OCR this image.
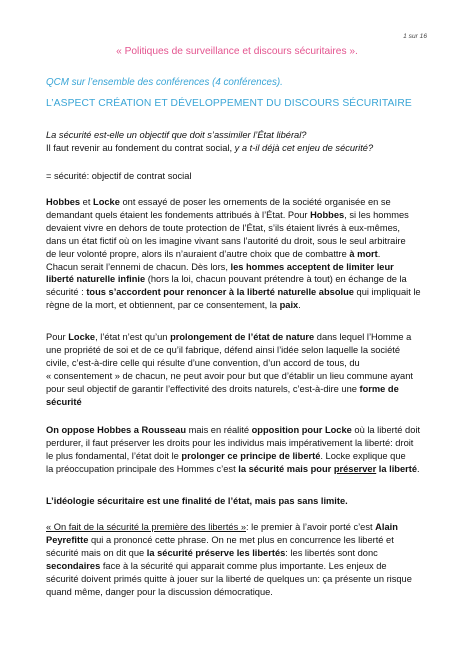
1 sur 16
« Politiques de surveillance et discours sécuritaires ».
QCM sur l’ensemble des conférences (4 conférences).
L’ASPECT CRÉATION ET DÉVELOPPEMENT DU DISCOURS SÉCURITAIRE

La sécurité est-elle un objectif que doit s’assimiler l’État libéral?

Il faut revenir au fondement du contrat social, y a t-il déjà cet enjeu de sécurité?

= sécurité: objectif de contrat social

Hobbes et Locke ont essayé de poser les ornements de la société organisée en se

demandant quels étaient les fondements attribués à l’État. Pour Hobbes, si les hommes

devaient vivre en dehors de toute protection de l’État, s’ils étaient livrés à eux-mêmes,

dans un état fictif où on les imagine vivant sans l’autorité du droit, sous le seul arbitraire

de leur volonté propre, alors ils n’auraient d’autre choix que de combattre à mort.

Chacun serait l’ennemi de chacun. Dès lors, les hommes acceptent de limiter leur

liberté naturelle infinie (hors la loi, chacun pouvant prétendre à tout) en échange de la

sécurité : tous s’accordent pour renoncer à la liberté naturelle absolue qui impliquait le

règne de la mort, et obtiennent, par ce consentement, la paix.

Pour Locke, l’état n’est qu’un prolongement de l’état de nature dans lequel l’Homme a

une propriété de soi et de ce qu’il fabrique, défend ainsi l’idée selon laquelle la société

civile, c’est-à-dire celle qui résulte d’une convention, d’un accord de tous, du

« consentement » de chacun, ne peut avoir pour but que d’établir un lieu commune ayant

pour seul objectif de garantir l’effectivité des droits naturels, c’est-à-dire une forme de

sécurité

On oppose Hobbes a Rousseau mais en réalité opposition pour Locke où la liberté doit

perdurer, il faut préserver les droits pour les individus mais impérativement la liberté: droit

le plus fondamental, l’état doit le prolonger ce principe de liberté. Locke explique que

la préoccupation principale des Hommes c’est la sécurité mais pour préserver la liberté.

L’idéologie sécuritaire est une finalité de l’état, mais pas sans limite.

« On fait de la sécurité la première des libertés »: le premier à l’avoir porté c’est Alain

Peyrefitte qui a prononcé cette phrase. On ne met plus en concurrence les liberté et

sécurité mais on dit que la sécurité préserve les libertés: les libertés sont donc

secondaires face à la sécurité qui apparait comme plus importante. Les enjeux de

sécurité doivent primés quitte à jouer sur la liberté de quelques un: ça présente un risque

quand même, danger pour la discussion démocratique.
